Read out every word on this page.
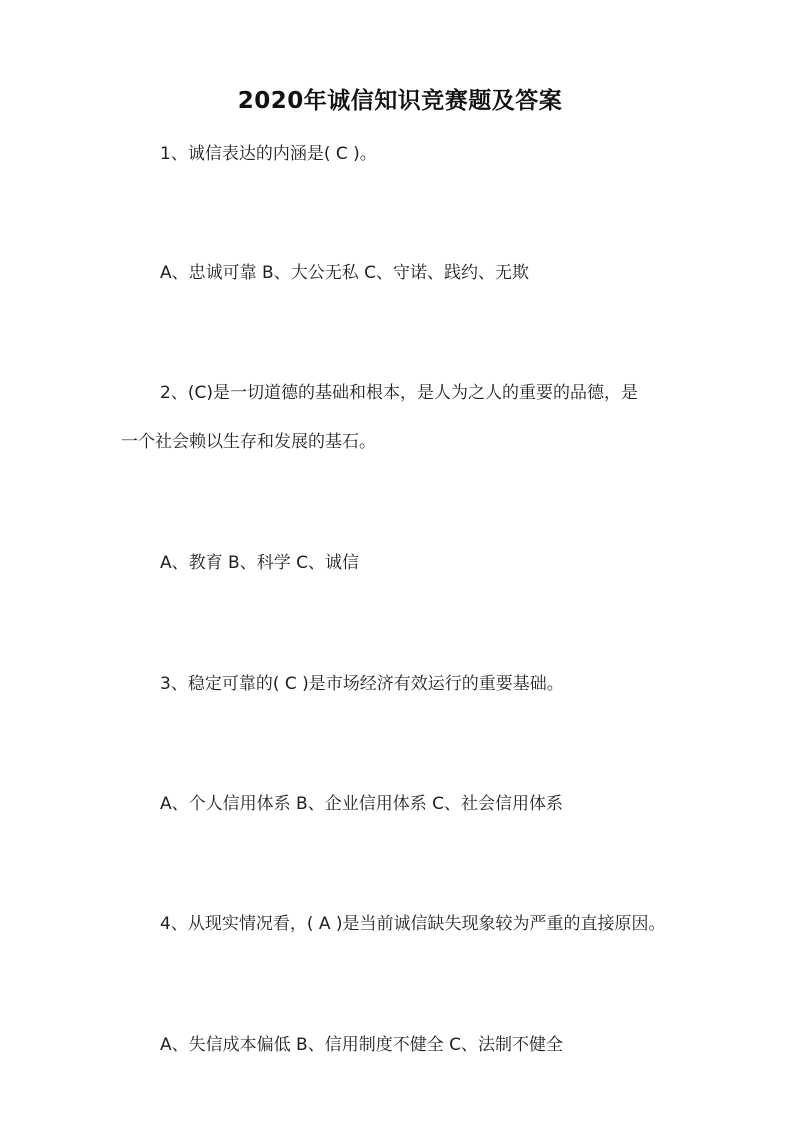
2020年诚信知识竞赛题及答案
1、诚信表达的内涵是( C )。
A、忠诚可靠 B、大公无私 C、守诺、践约、无欺
2、(C)是一切道德的基础和根本，是人为之人的重要的品德，是
一个社会赖以生存和发展的基石。
A、教育 B、科学 C、诚信
3、稳定可靠的( C )是市场经济有效运行的重要基础。
A、个人信用体系 B、企业信用体系 C、社会信用体系
4、从现实情况看，( A )是当前诚信缺失现象较为严重的直接原因。
A、失信成本偏低 B、信用制度不健全 C、法制不健全
